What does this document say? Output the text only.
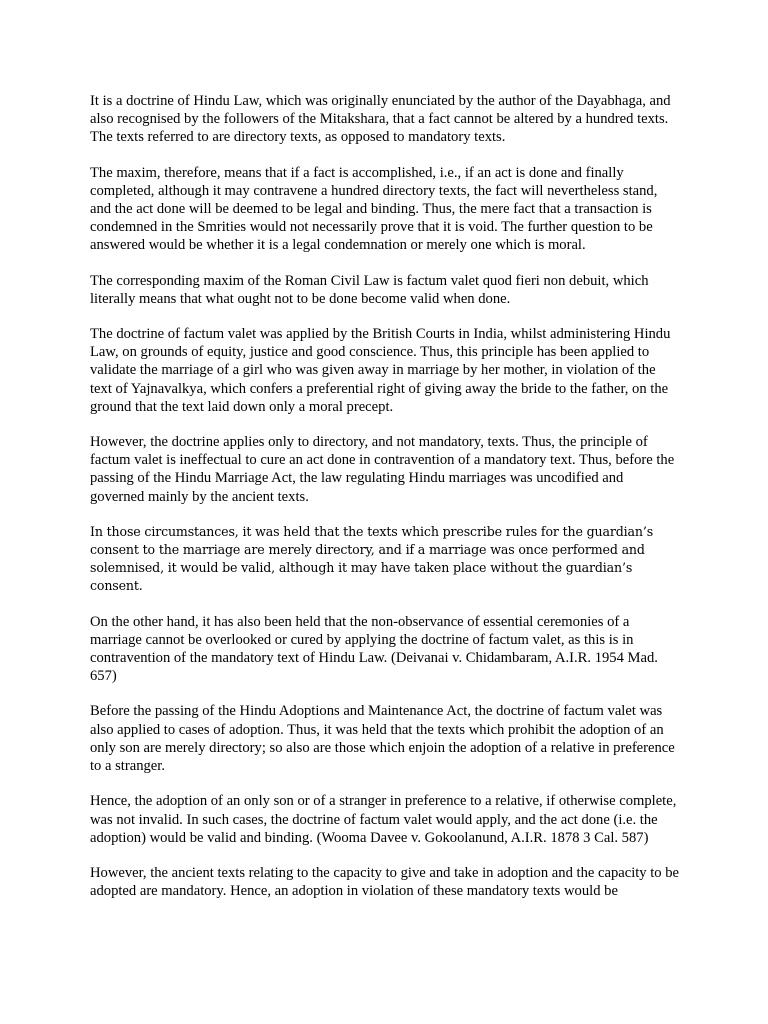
It is a doctrine of Hindu Law, which was originally enunciated by the author of the Dayabhaga, and also recognised by the followers of the Mitakshara, that a fact cannot be altered by a hundred texts. The texts referred to are directory texts, as opposed to mandatory texts.

The maxim, therefore, means that if a fact is accomplished, i.e., if an act is done and finally completed, although it may contravene a hundred directory texts, the fact will nevertheless stand, and the act done will be deemed to be legal and binding. Thus, the mere fact that a transaction is condemned in the Smrities would not necessarily prove that it is void. The further question to be answered would be whether it is a legal condemnation or merely one which is moral.

The corresponding maxim of the Roman Civil Law is factum valet quod fieri non debuit, which literally means that what ought not to be done become valid when done.

The doctrine of factum valet was applied by the British Courts in India, whilst administering Hindu Law, on grounds of equity, justice and good conscience. Thus, this principle has been applied to validate the marriage of a girl who was given away in marriage by her mother, in violation of the text of Yajnavalkya, which confers a preferential right of giving away the bride to the father, on the ground that the text laid down only a moral precept.

However, the doctrine applies only to directory, and not mandatory, texts. Thus, the principle of factum valet is ineffectual to cure an act done in contravention of a mandatory text. Thus, before the passing of the Hindu Marriage Act, the law regulating Hindu marriages was uncodified and governed mainly by the ancient texts.

In those circumstances, it was held that the texts which prescribe rules for the guardian’s consent to the marriage are merely directory, and if a marriage was once performed and solemnised, it would be valid, although it may have taken place without the guardian’s consent.

On the other hand, it has also been held that the non-observance of essential ceremonies of a marriage cannot be overlooked or cured by applying the doctrine of factum valet, as this is in contravention of the mandatory text of Hindu Law. (Deivanai v. Chidambaram, A.I.R. 1954 Mad. 657)

Before the passing of the Hindu Adoptions and Maintenance Act, the doctrine of factum valet was also applied to cases of adoption. Thus, it was held that the texts which prohibit the adoption of an only son are merely directory; so also are those which enjoin the adoption of a relative in preference to a stranger.

Hence, the adoption of an only son or of a stranger in preference to a relative, if otherwise complete, was not invalid. In such cases, the doctrine of factum valet would apply, and the act done (i.e. the adoption) would be valid and binding. (Wooma Davee v. Gokoolanund, A.I.R. 1878 3 Cal. 587)

However, the ancient texts relating to the capacity to give and take in adoption and the capacity to be adopted are mandatory. Hence, an adoption in violation of these mandatory texts would be
